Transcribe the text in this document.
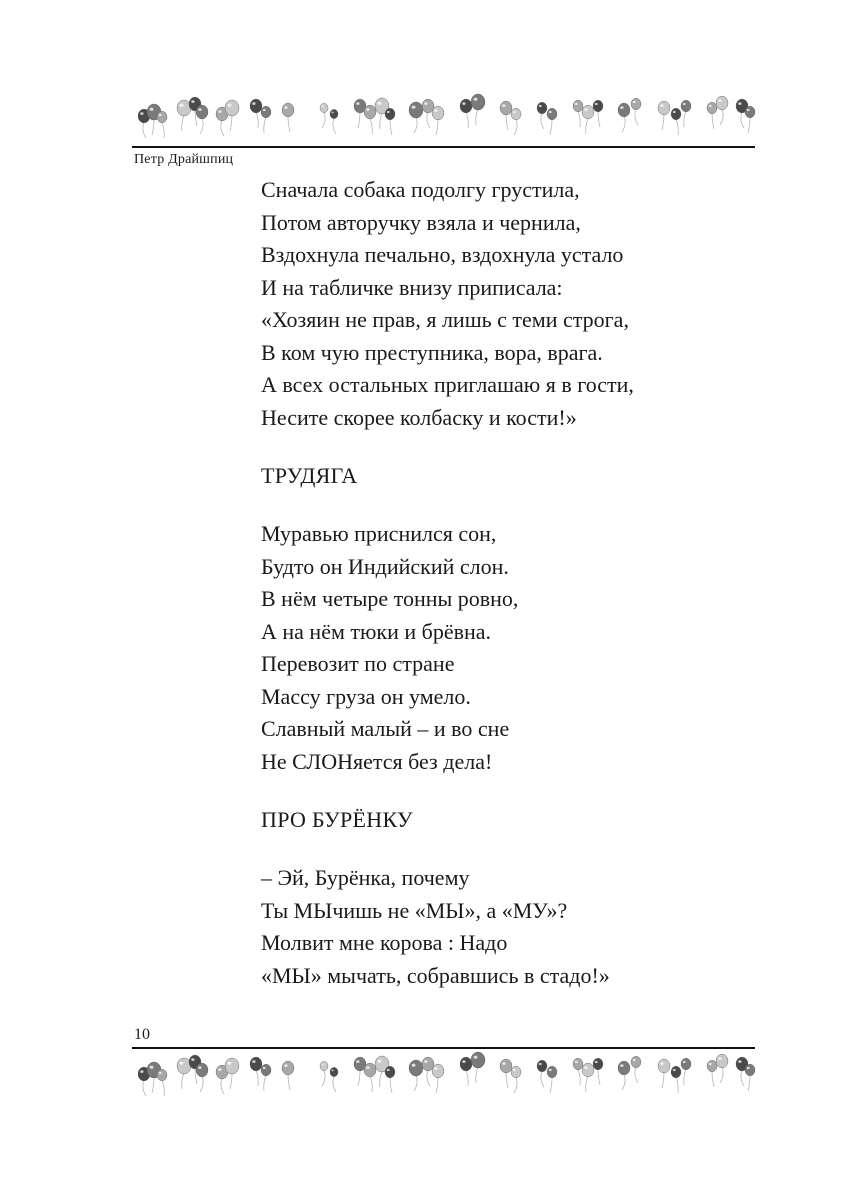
Петр Драйшпиц
Сначала собака подолгу грустила,
Потом авторучку взяла и чернила,
Вздохнула печально, вздохнула устало
И на табличке внизу приписала:
«Хозяин не прав, я лишь с теми строга,
В ком чую преступника, вора, врага.
А всех остальных приглашаю я в гости,
Несите скорее колбаску и кости!»
ТРУДЯГА
Муравью приснился сон,
Будто он Индийский слон.
В нём четыре тонны ровно,
А на нём тюки и брёвна.
Перевозит по стране
Массу груза он умело.
Славный малый – и во сне
Не СЛОНяется без дела!
ПРО БУРЁНКУ
– Эй, Бурёнка, почему
Ты МЫчишь не «МЫ», а «МУ»?
Молвит мне корова : Надо
«МЫ» мычать, собравшись в стадо!»
10
